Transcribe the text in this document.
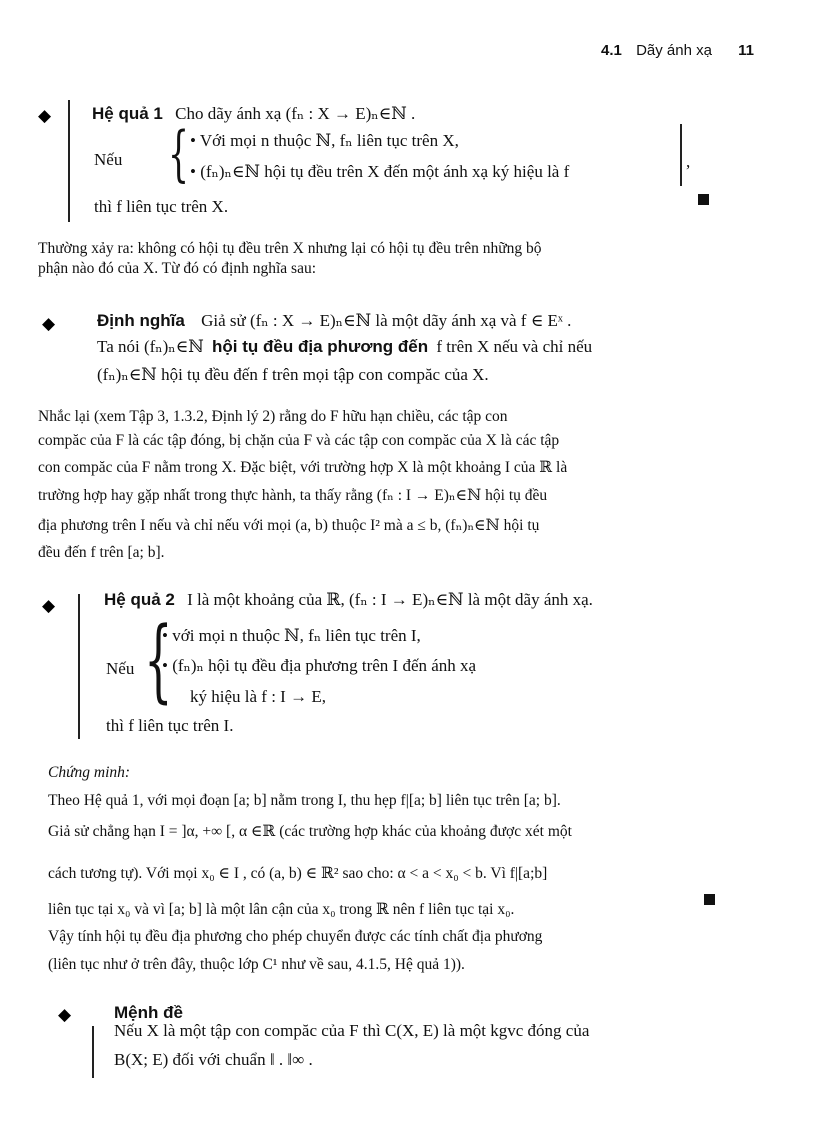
4.1 Dãy ánh xạ 11
◆ Hệ quả 1 Cho dãy ánh xạ (fₙ : X → E)ₙ∈ℕ .
Nếu { • Với mọi n thuộc ℕ, fₙ liên tục trên X,
• (fₙ)ₙ∈ℕ hội tụ đều trên X đến một ánh xạ ký hiệu là f
,
thì f liên tục trên X.
Thường xảy ra: không có hội tụ đều trên X nhưng lại có hội tụ đều trên những bộ
phận nào đó của X. Từ đó có định nghĩa sau:
◆ Định nghĩa Giả sử (fₙ : X → E)ₙ∈ℕ là một dãy ánh xạ và f ∈ Eˣ .
Ta nói (fₙ)ₙ∈ℕ hội tụ đều địa phương đến f trên X nếu và chỉ nếu
(fₙ)ₙ∈ℕ hội tụ đều đến f trên mọi tập con compăc của X.
Nhắc lại (xem Tập 3, 1.3.2, Định lý 2) rằng do F hữu hạn chiều, các tập con
compăc của F là các tập đóng, bị chặn của F và các tập con compăc của X là các tập
con compăc của F nằm trong X. Đặc biệt, với trường hợp X là một khoảng I của ℝ là
trường hợp hay gặp nhất trong thực hành, ta thấy rằng (fₙ : I → E)ₙ∈ℕ hội tụ đều
địa phương trên I nếu và chỉ nếu với mọi (a, b) thuộc I² mà a ≤ b, (fₙ)ₙ∈ℕ hội tụ
đều đến f trên [a; b].
◆	Hệ quả 2 I là một khoảng của ℝ, (fₙ : I → E)ₙ∈ℕ là một dãy ánh xạ.
Nếu {
• với mọi n thuộc ℕ, fₙ liên tục trên I,
• (fₙ)ₙ hội tụ đều địa phương trên I đến ánh xạ
ký hiệu là f : I → E,
thì f liên tục trên I.
Chứng minh:
Theo Hệ quả 1, với mọi đoạn [a; b] nằm trong I, thu hẹp f|[a; b] liên tục trên [a; b].
Giả sử chẳng hạn I = ]α, +∞ [, α ∈ℝ (các trường hợp khác của khoảng được xét một
cách tương tự). Với mọi x₀ ∈ I , có (a, b) ∈ ℝ² sao cho: α < a < x₀ < b. Vì f|[a;b]
liên tục tại x₀ và vì [a; b] là một lân cận của x₀ trong ℝ nên f liên tục tại x₀.
Vậy tính hội tụ đều địa phương cho phép chuyển được các tính chất địa phương
(liên tục như ở trên đây, thuộc lớp C¹ như về sau, 4.1.5, Hệ quả 1)).
◆	Mệnh đề
Nếu X là một tập con compăc của F thì C(X, E) là một kgvc đóng của
B(X; E) đối với chuẩn ‖ . ‖∞ .
